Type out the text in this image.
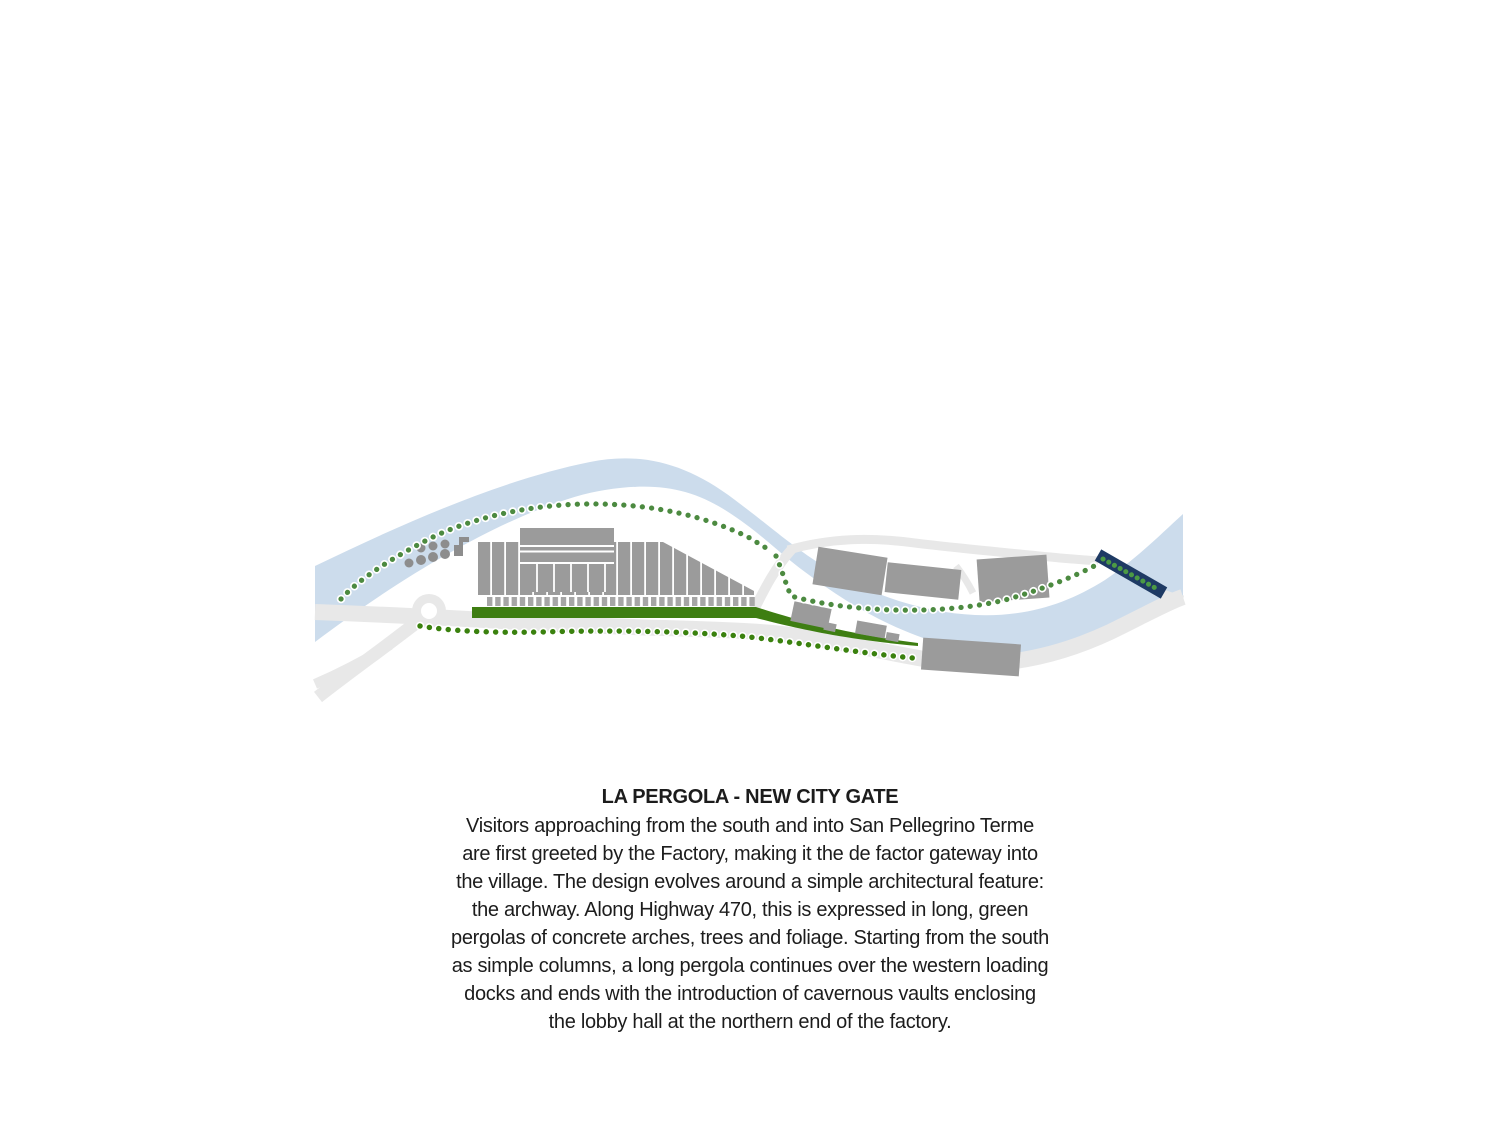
LA PERGOLA - NEW CITY GATE
Visitors approaching from the south and into San Pellegrino Terme
are first greeted by the Factory, making it the de factor gateway into
the village. The design evolves around a simple architectural feature:
the archway. Along Highway 470, this is expressed in long, green
pergolas of concrete arches, trees and foliage. Starting from the south
as simple columns, a long pergola continues over the western loading
docks and ends with the introduction of cavernous vaults enclosing
the lobby hall at the northern end of the factory.
